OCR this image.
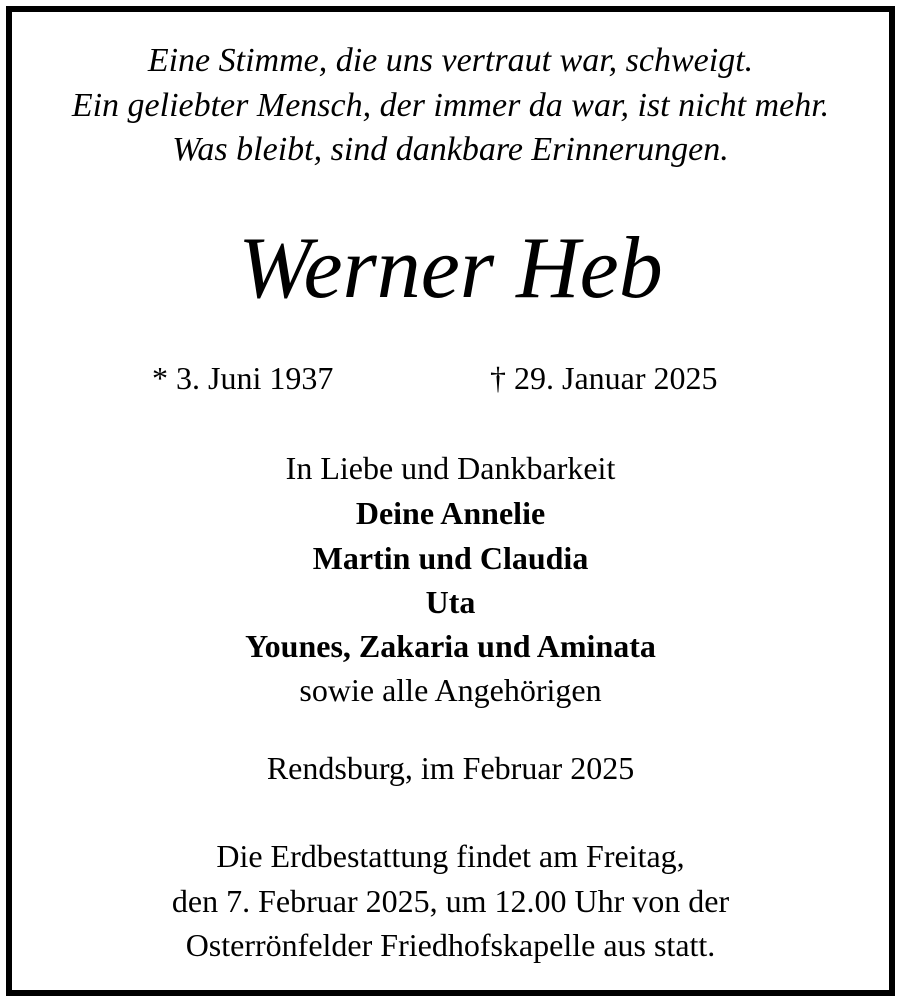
Eine Stimme, die uns vertraut war, schweigt.
Ein geliebter Mensch, der immer da war, ist nicht mehr.
Was bleibt, sind dankbare Erinnerungen.
Werner Heb
* 3. Juni 1937	† 29. Januar 2025
In Liebe und Dankbarkeit
Deine Annelie
Martin und Claudia
Uta
Younes, Zakaria und Aminata
sowie alle Angehörigen
Rendsburg, im Februar 2025
Die Erdbestattung findet am Freitag,
den 7. Februar 2025, um 12.00 Uhr von der
Osterrönfelder Friedhofskapelle aus statt.
